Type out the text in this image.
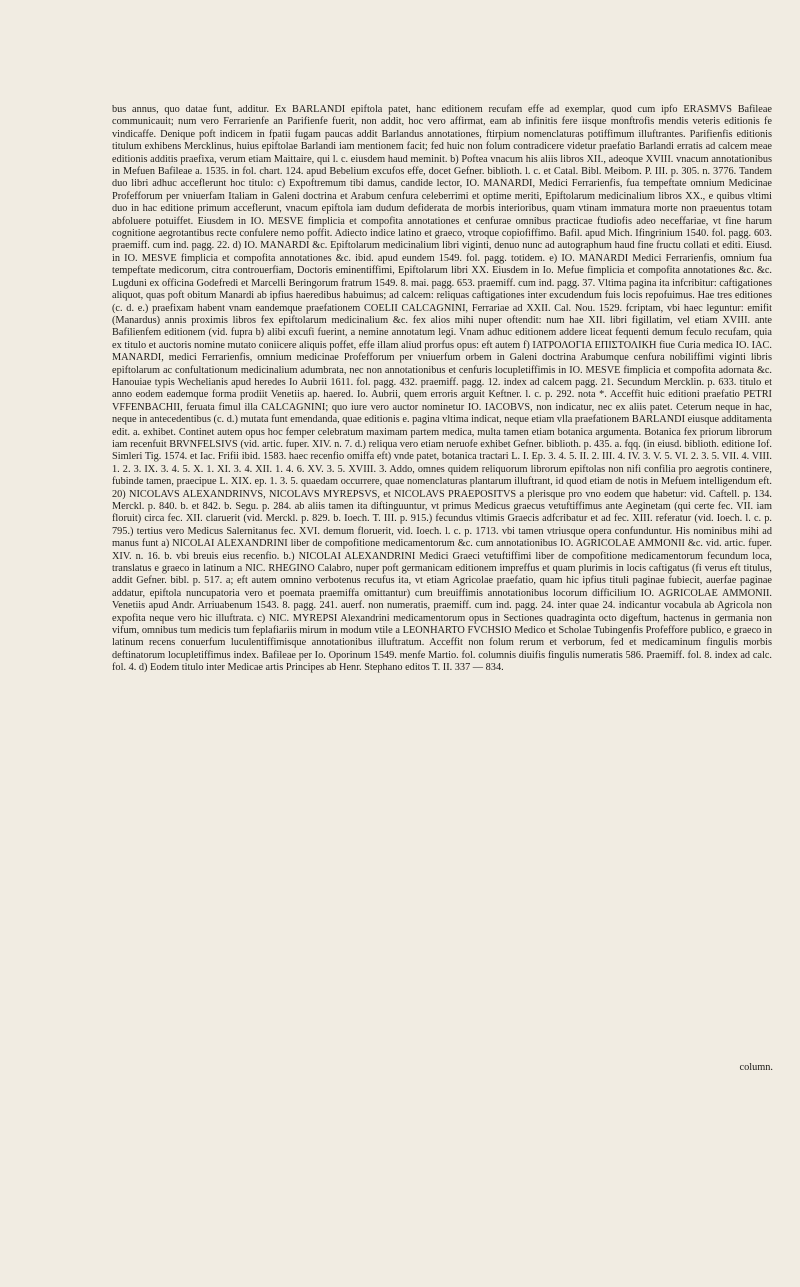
bus annus, quo datae funt, additur. Ex BARLANDI epiftola patet, hanc editionem recufam effe ad exemplar, quod cum ipfo ERASMVS Bafileae communicauit; num vero Ferrarienfe an Parifienfe fuerit, non addit, hoc vero affirmat, eam ab infinitis fere iisque monftrofis mendis veteris editionis fe vindicaffe. Denique poft indicem in fpatii fugam paucas addit Barlandus annotationes, ftirpium nomenclaturas potiffimum illuftrantes. Parifienfis editionis titulum exhibens Mercklinus, huius epiftolae Barlandi iam mentionem facit; fed huic non folum contradicere videtur praefatio Barlandi erratis ad calcem meae editionis additis praefixa, verum etiam Maittaire, qui l. c. eiusdem haud meminit. b) Poftea vnacum his aliis libros XII., adeoque XVIII. vnacum annotationibus in Mefuen Bafileae a. 1535. in fol. chart. 124. apud Bebelium excufos effe, docet Gefner. biblioth. l. c. et Catal. Bibl. Meibom. P. III. p. 305. n. 3776. Tandem duo libri adhuc acceflerunt hoc titulo: c) Expoftremum tibi damus, candide lector, IO. MANARDI, Medici Ferrarienfis, fua tempeftate omnium Medicinae Profefforum per vniuerfam Italiam in Galeni doctrina et Arabum cenfura celeberrimi et optime meriti, Epiftolarum medicinalium libros XX., e quibus vltimi duo in hac editione primum acceflerunt, vnacum epiftola iam dudum defiderata de morbis interioribus, quam vtinam immatura morte non praeuentus totam abfoluere potuiffet. Eiusdem in IO. MESVE fimplicia et compofita annotationes et cenfurae omnibus practicae ftudiofis adeo neceffariae, vt fine harum cognitione aegrotantibus recte confulere nemo poffit. Adiecto indice latino et graeco, vtroque copiofiffimo. Bafil. apud Mich. Ifingrinium 1540. fol. pagg. 603. praemiff. cum ind. pagg. 22. d) IO. MANARDI &c. Epiftolarum medicinalium libri viginti, denuo nunc ad autographum haud fine fructu collati et editi. Eiusd. in IO. MESVE fimplicia et compofita annotationes &c. ibid. apud eundem 1549. fol. pagg. totidem. e) IO. MANARDI Medici Ferrarienfis, omnium fua tempeftate medicorum, citra controuerfiam, Doctoris eminentiffimi, Epiftolarum libri XX. Eiusdem in Io. Mefue fimplicia et compofita annotationes &c. &c. Lugduni ex officina Godefredi et Marcelli Beringorum fratrum 1549. 8. mai. pagg. 653. praemiff. cum ind. pagg. 37. Vltima pagina ita infcribitur: caftigationes aliquot, quas poft obitum Manardi ab ipfius haeredibus habuimus; ad calcem: reliquas caftigationes inter excudendum fuis locis repofuimus. Hae tres editiones (c. d. e.) praefixam habent vnam eandemque praefationem COELII CALCAGNINI, Ferrariae ad XXII. Cal. Nou. 1529. fcriptam, vbi haec leguntur: emifit (Manardus) annis proximis libros fex epiftolarum medicinalium &c. fex alios mihi nuper oftendit: num hae XII. libri figillatim, vel etiam XVIII. ante Bafilienfem editionem (vid. fupra b) alibi excufi fuerint, a nemine annotatum legi. Vnam adhuc editionem addere liceat fequenti demum feculo recufam, quia ex titulo et auctoris nomine mutato coniicere aliquis poffet, effe illam aliud prorfus opus: eft autem f) ΙΑΤΡΟΛΟΓΙΑ ΕΠΙΣΤΟΛΙΚΗ fiue Curia medica IO. IAC. MANARDI, medici Ferrarienfis, omnium medicinae Profefforum per vniuerfum orbem in Galeni doctrina Arabumque cenfura nobiliffimi viginti libris epiftolarum ac confultationum medicinalium adumbrata, nec non annotationibus et cenfuris locupletiffimis in IO. MESVE fimplicia et compofita adornata &c. Hanouiae typis Wechelianis apud heredes Io Aubrii 1611. fol. pagg. 432. praemiff. pagg. 12. index ad calcem pagg. 21. Secundum Mercklin. p. 633. titulo et anno eodem eademque forma prodiit Venetiis ap. haered. Io. Aubrii, quem erroris arguit Keftner. l. c. p. 292. nota *. Acceffit huic editioni praefatio PETRI VFFENBACHII, feruata fimul illa CALCAGNINI; quo iure vero auctor nominetur IO. IACOBVS, non indicatur, nec ex aliis patet. Ceterum neque in hac, neque in antecedentibus (c. d.) mutata funt emendanda, quae editionis e. pagina vltima indicat, neque etiam vlla praefationem BARLANDI eiusque additamenta edit. a. exhibet. Continet autem opus hoc femper celebratum maximam partem medica, multa tamen etiam botanica argumenta. Botanica fex priorum librorum iam recenfuit BRVNFELSIVS (vid. artic. fuper. XIV. n. 7. d.) reliqua vero etiam neruofe exhibet Gefner. biblioth. p. 435. a. fqq. (in eiusd. biblioth. editione Iof. Simleri Tig. 1574. et Iac. Frifii ibid. 1583. haec recenfio omiffa eft) vnde patet, botanica tractari L. I. Ep. 3. 4. 5. II. 2. III. 4. IV. 3. V. 5. VI. 2. 3. 5. VII. 4. VIII. 1. 2. 3. IX. 3. 4. 5. X. 1. XI. 3. 4. XII. 1. 4. 6. XV. 3. 5. XVIII. 3. Addo, omnes quidem reliquorum librorum epiftolas non nifi confilia pro aegrotis continere, fubinde tamen, praecipue L. XIX. ep. 1. 3. 5. quaedam occurrere, quae nomenclaturas plantarum illuftrant, id quod etiam de notis in Mefuem intelligendum eft. 20) NICOLAVS ALEXANDRINVS, NICOLAVS MYREPSVS, et NICOLAVS PRAEPOSITVS a plerisque pro vno eodem que habetur: vid. Caftell. p. 134. Merckl. p. 840. b. et 842. b. Segu. p. 284. ab aliis tamen ita diftinguuntur, vt primus Medicus graecus vetuftiffimus ante Aeginetam (qui certe fec. VII. iam floruit) circa fec. XII. claruerit (vid. Merckl. p. 829. b. Ioech. T. III. p. 915.) fecundus vltimis Graecis adfcribatur et ad fec. XIII. referatur (vid. Ioech. l. c. p. 795.) tertius vero Medicus Salernitanus fec. XVI. demum floruerit, vid. Ioech. l. c. p. 1713. vbi tamen vtriusque opera confunduntur. His nominibus mihi ad manus funt a) NICOLAI ALEXANDRINI liber de compofitione medicamentorum &c. cum annotationibus IO. AGRICOLAE AMMONII &c. vid. artic. fuper. XIV. n. 16. b. vbi breuis eius recenfio. b.) NICOLAI ALEXANDRINI Medici Graeci vetuftiffimi liber de compofitione medicamentorum fecundum loca, translatus e graeco in latinum a NIC. RHEGINO Calabro, nuper poft germanicam editionem impreffus et quam plurimis in locis caftigatus (fi verus eft titulus, addit Gefner. bibl. p. 517. a; eft autem omnino verbotenus recufus ita, vt etiam Agricolae praefatio, quam hic ipfius tituli paginae fubiecit, auerfae paginae addatur, epiftola nuncupatoria vero et poemata praemiffa omittantur) cum breuiffimis annotationibus locorum difficilium IO. AGRICOLAE AMMONII. Venetiis apud Andr. Arriuabenum 1543. 8. pagg. 241. auerf. non numeratis, praemiff. cum ind. pagg. 24. inter quae 24. indicantur vocabula ab Agricola non expofita neque vero hic illuftrata. c) NIC. MYREPSI Alexandrini medicamentorum opus in Sectiones quadraginta octo digeftum, hactenus in germania non vifum, omnibus tum medicis tum feplafiariis mirum in modum vtile a LEONHARTO FVCHSIO Medico et Scholae Tubingenfis Profeffore publico, e graeco in latinum recens conuerfum luculentiffimisque annotationibus illuftratum. Acceffit non folum rerum et verborum, fed et medicaminum fingulis morbis deftinatorum locupletiffimus index. Bafileae per Io. Oporinum 1549. menfe Martio. fol. columnis diuifis fingulis numeratis 586. Praemiff. fol. 8. index ad calc. fol. 4. d) Eodem titulo inter Medicae artis Principes ab Henr. Stephano editos T. II. 337 — 834.

column.
